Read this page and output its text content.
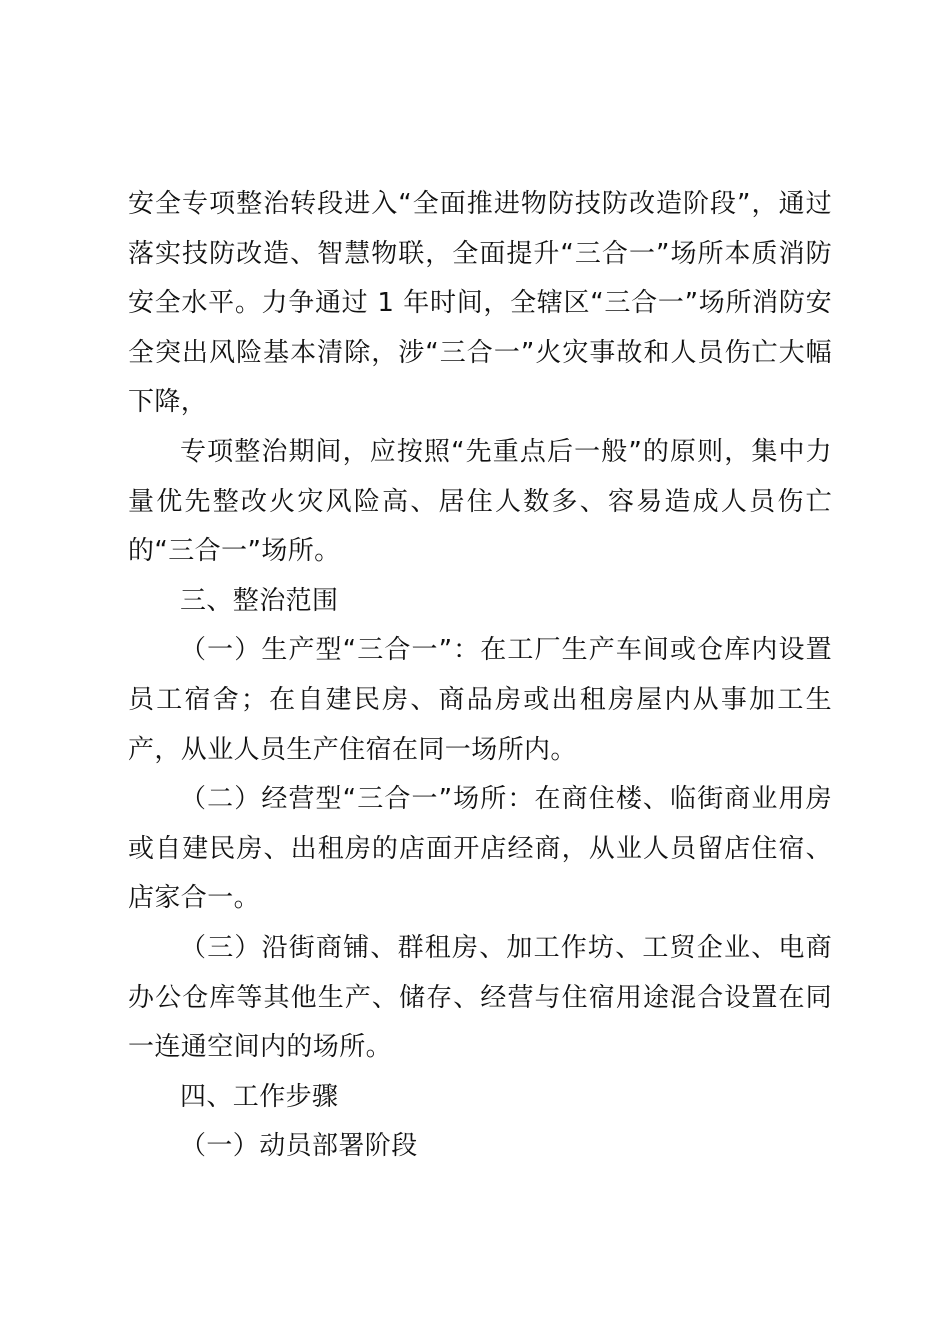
安全专项整治转段进入“全面推进物防技防改造阶段”，通过落实技防改造、智慧物联，全面提升“三合一”场所本质消防安全水平。力争通过 1 年时间，全辖区“三合一”场所消防安全突出风险基本清除，涉“三合一”火灾事故和人员伤亡大幅下降，

专项整治期间，应按照“先重点后一般”的原则，集中力量优先整改火灾风险高、居住人数多、容易造成人员伤亡的“三合一”场所。

三、整治范围

（一）生产型“三合一”：在工厂生产车间或仓库内设置员工宿舍；在自建民房、商品房或出租房屋内从事加工生产，从业人员生产住宿在同一场所内。

（二）经营型“三合一”场所：在商住楼、临街商业用房或自建民房、出租房的店面开店经商，从业人员留店住宿、店家合一。

（三）沿街商铺、群租房、加工作坊、工贸企业、电商办公仓库等其他生产、储存、经营与住宿用途混合设置在同一连通空间内的场所。

四、工作步骤

（一）动员部署阶段
